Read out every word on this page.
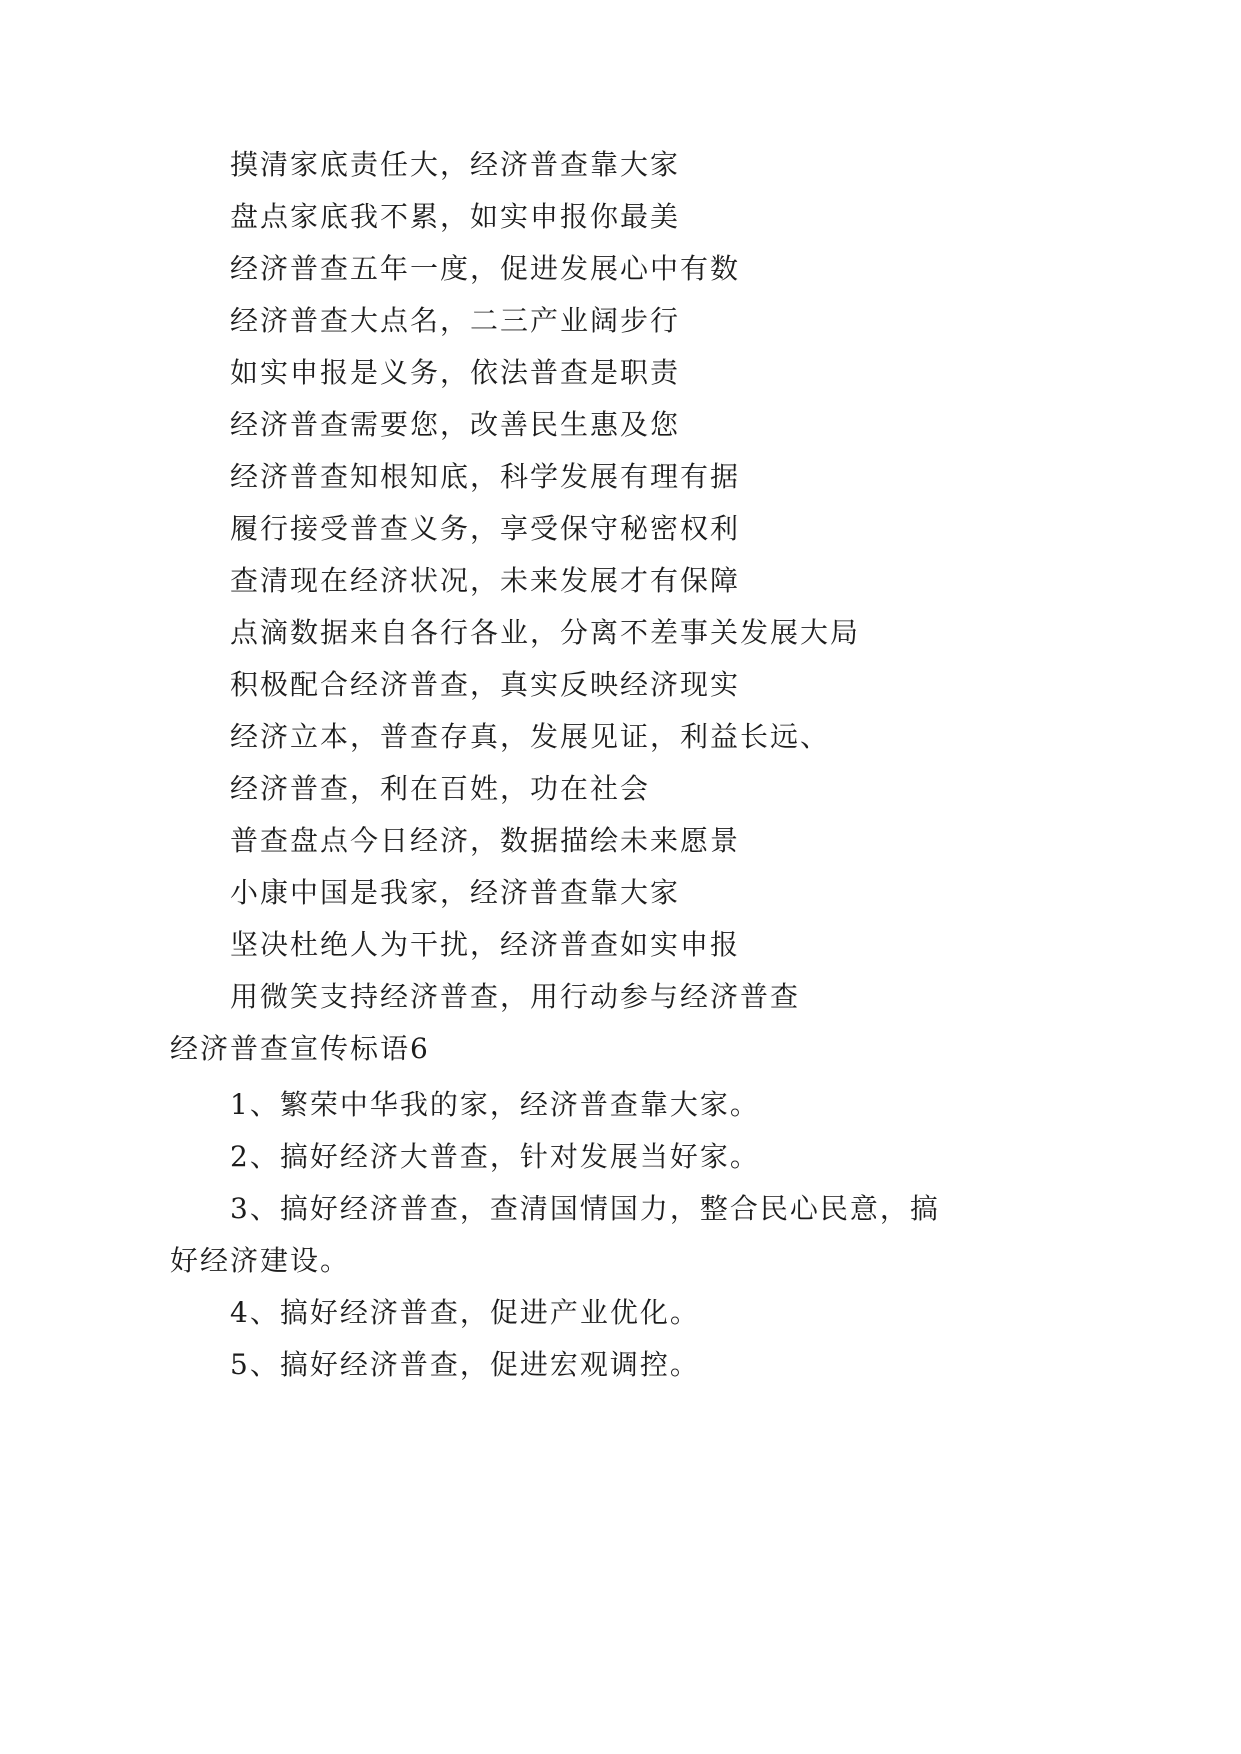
摸清家底责任大，经济普查靠大家

盘点家底我不累，如实申报你最美

经济普查五年一度，促进发展心中有数

经济普查大点名，二三产业阔步行

如实申报是义务，依法普查是职责

经济普查需要您，改善民生惠及您

经济普查知根知底，科学发展有理有据

履行接受普查义务，享受保守秘密权利

查清现在经济状况，未来发展才有保障

点滴数据来自各行各业，分离不差事关发展大局

积极配合经济普查，真实反映经济现实

经济立本，普查存真，发展见证，利益长远、

经济普查，利在百姓，功在社会

普查盘点今日经济，数据描绘未来愿景

小康中国是我家，经济普查靠大家

坚决杜绝人为干扰，经济普查如实申报

用微笑支持经济普查，用行动参与经济普查

经济普查宣传标语6

1、繁荣中华我的家，经济普查靠大家。

2、搞好经济大普查，针对发展当好家。

3、搞好经济普查，查清国情国力，整合民心民意，搞好经济建设。

4、搞好经济普查，促进产业优化。

5、搞好经济普查，促进宏观调控。
